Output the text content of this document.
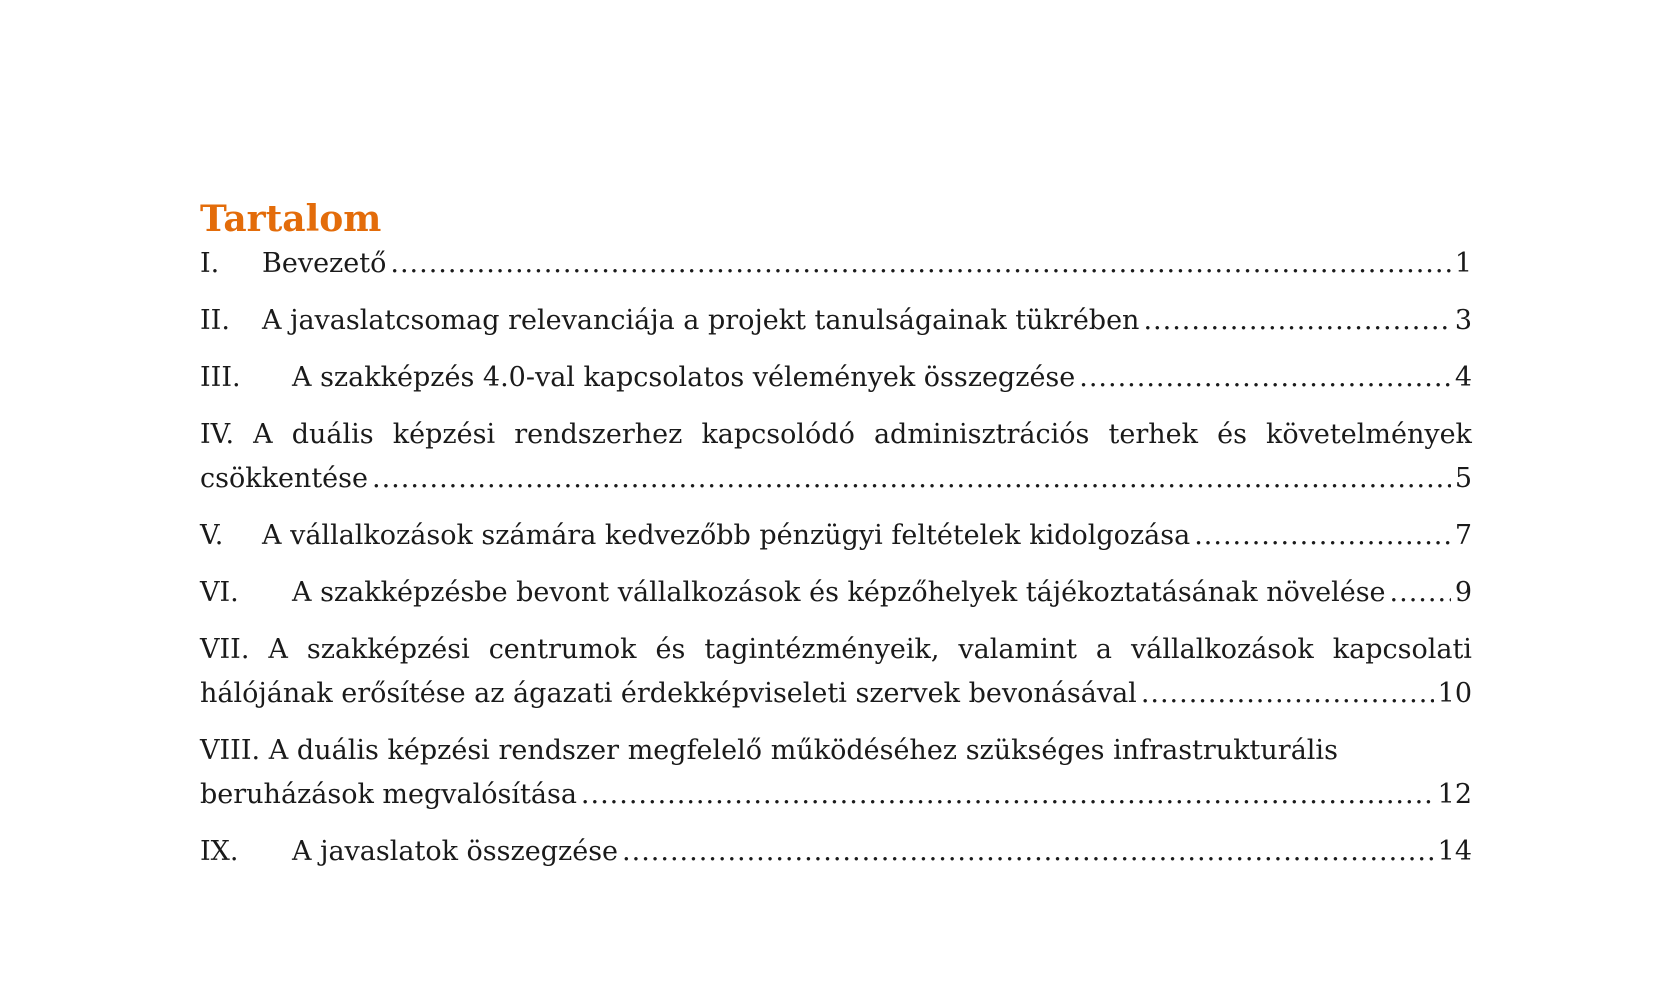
Tartalom
I.	Bevezető .....	1
II.	A javaslatcsomag relevanciája a projekt tanulságainak tükrében .....	3
III.	A szakképzés 4.0-val kapcsolatos vélemények összegzése .....	4
IV. A duális képzési rendszerhez kapcsolódó adminisztrációs terhek és követelmények
csökkentése .....	5
V.	A vállalkozások számára kedvezőbb pénzügyi feltételek kidolgozása .....	7
VI.	A szakképzésbe bevont vállalkozások és képzőhelyek tájékoztatásának növelése .....	9
VII. A szakképzési centrumok és tagintézményeik, valamint a vállalkozások kapcsolati
hálójának erősítése az ágazati érdekképviseleti szervek bevonásával .....	10
VIII. A duális képzési rendszer megfelelő működéséhez szükséges infrastrukturális
beruházások megvalósítása .....	12
IX.	A javaslatok összegzése .....	14
